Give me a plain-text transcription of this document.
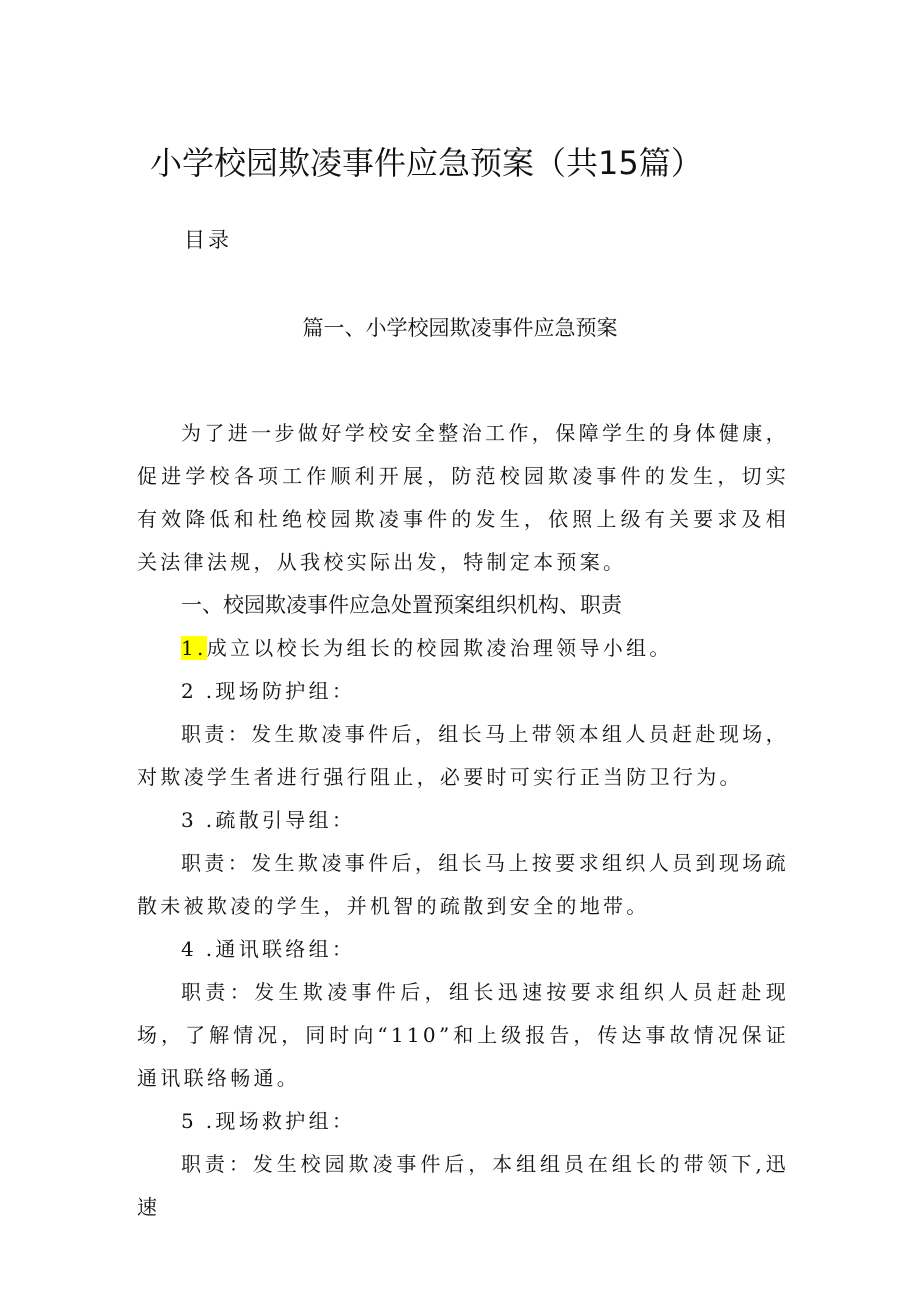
小学校园欺凌事件应急预案（共15篇）
目录
篇一、小学校园欺凌事件应急预案

为了进一步做好学校安全整治工作，保障学生的身体健康，促进学校各项工作顺利开展，防范校园欺凌事件的发生，切实有效降低和杜绝校园欺凌事件的发生，依照上级有关要求及相关法律法规，从我校实际出发，特制定本预案。

一、校园欺凌事件应急处置预案组织机构、职责

1.成立以校长为组长的校园欺凌治理领导小组。

2.现场防护组：

职责：发生欺凌事件后，组长马上带领本组人员赶赴现场，对欺凌学生者进行强行阻止，必要时可实行正当防卫行为。

3.疏散引导组：

职责：发生欺凌事件后，组长马上按要求组织人员到现场疏散未被欺凌的学生，并机智的疏散到安全的地带。

4.通讯联络组：

职责：发生欺凌事件后，组长迅速按要求组织人员赶赴现场，了解情况，同时向“110”和上级报告，传达事故情况保证通讯联络畅通。

5.现场救护组：

职责：发生校园欺凌事件后，本组组员在组长的带领下,迅速
